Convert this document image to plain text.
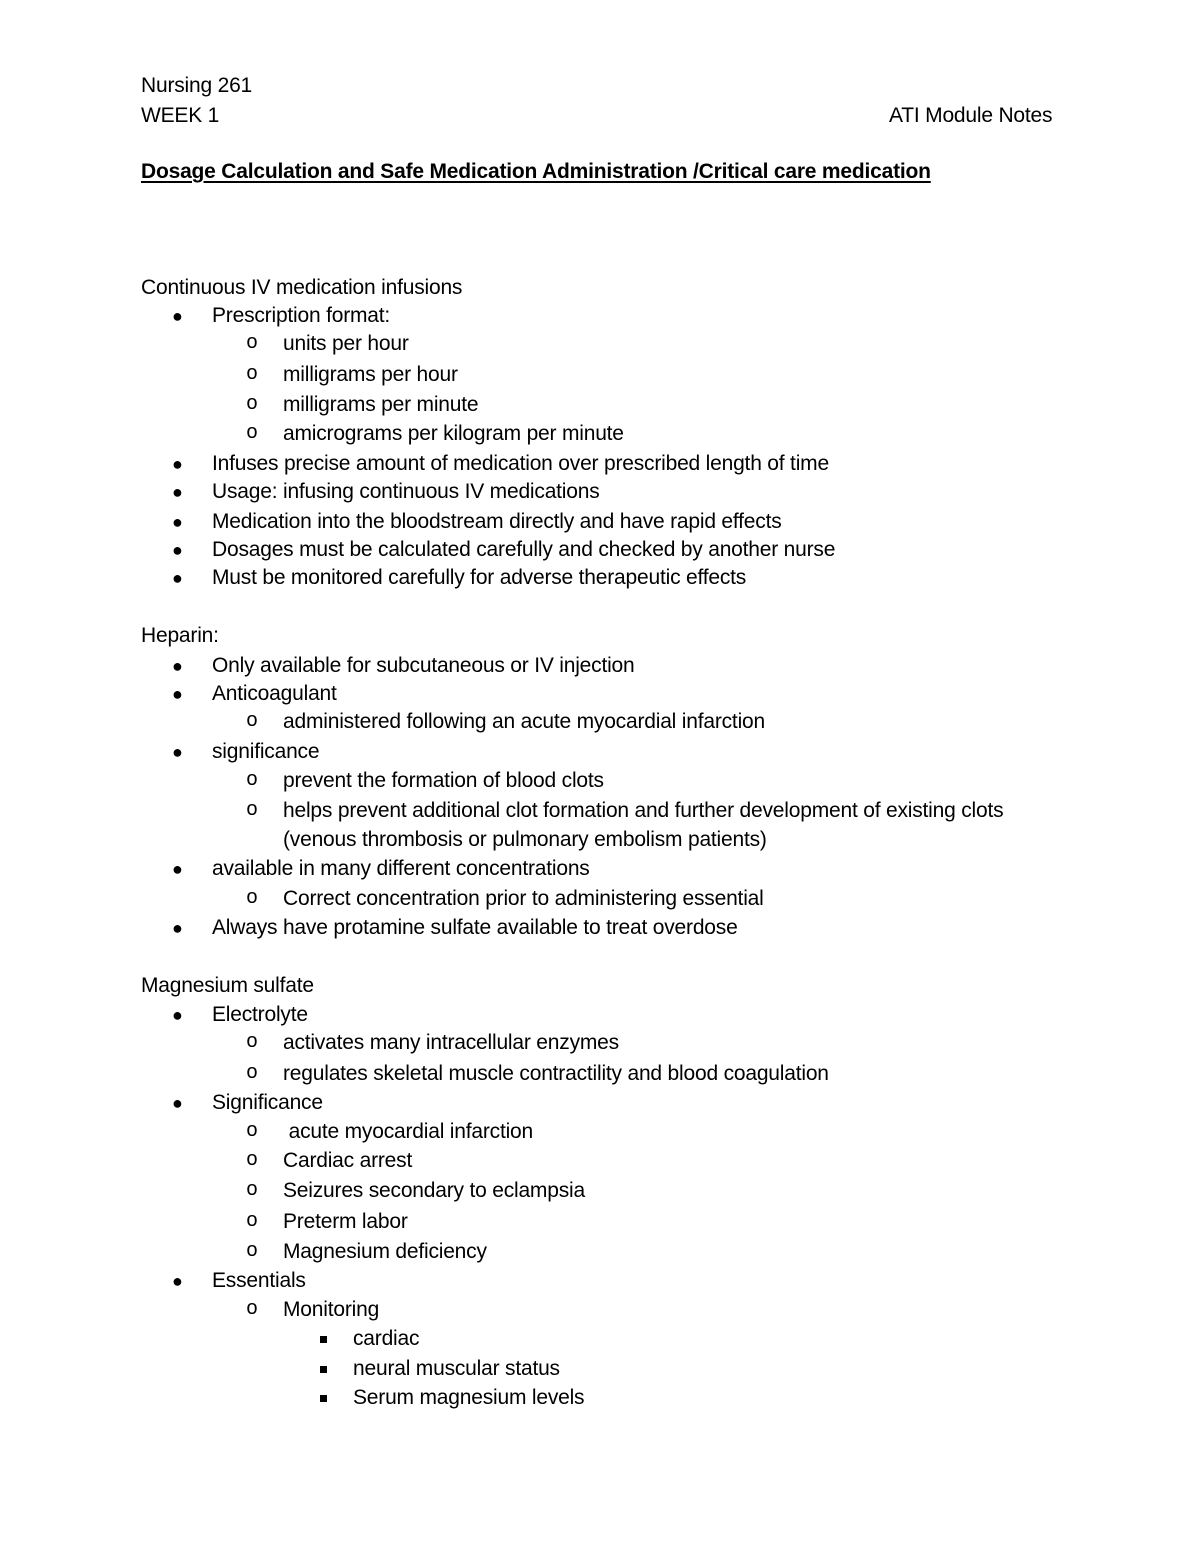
Nursing 261
WEEK 1	ATI Module Notes
Dosage Calculation and Safe Medication Administration /Critical care medication
Continuous IV medication infusions
● Prescription format:
o units per hour
o milligrams per hour
o milligrams per minute
o amicrograms per kilogram per minute
● Infuses precise amount of medication over prescribed length of time
● Usage: infusing continuous IV medications
● Medication into the bloodstream directly and have rapid effects
● Dosages must be calculated carefully and checked by another nurse
● Must be monitored carefully for adverse therapeutic effects
Heparin:
● Only available for subcutaneous or IV injection
● Anticoagulant
o administered following an acute myocardial infarction
● significance
o prevent the formation of blood clots
o helps prevent additional clot formation and further development of existing clots
(venous thrombosis or pulmonary embolism patients)
● available in many different concentrations
o Correct concentration prior to administering essential
● Always have protamine sulfate available to treat overdose
Magnesium sulfate
● Electrolyte
o activates many intracellular enzymes
o regulates skeletal muscle contractility and blood coagulation
● Significance
o acute myocardial infarction
o Cardiac arrest
o Seizures secondary to eclampsia
o Preterm labor
o Magnesium deficiency
● Essentials
o Monitoring
cardiac
neural muscular status
Serum magnesium levels
